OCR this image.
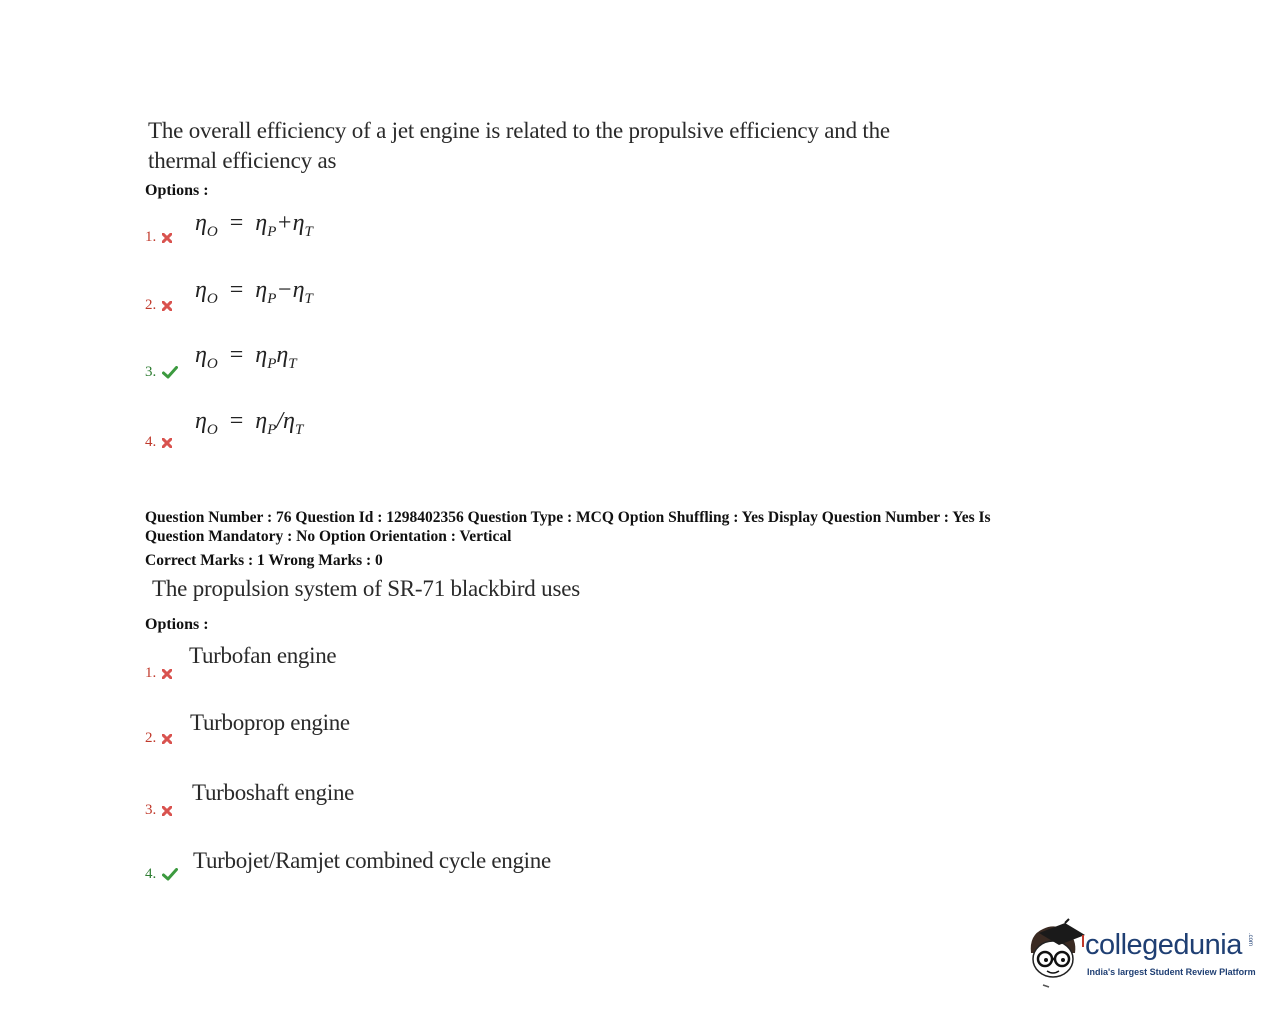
The overall efficiency of a jet engine is related to the propulsive efficiency and the
thermal efficiency as
Options :
1.
$\eta_O = \eta_P+\eta_T$
2.
$\eta_O = \eta_P-\eta_T$
3.
$\eta_O = \eta_P\eta_T$
4.
$\eta_O = \eta_P/\eta_T$
Question Number : 76 Question Id : 1298402356 Question Type : MCQ Option Shuffling : Yes Display Question Number : Yes Is
Question Mandatory : No Option Orientation : Vertical
Correct Marks : 1 Wrong Marks : 0
The propulsion system of SR-71 blackbird uses
Options :
1.
Turbofan engine
2.
Turboprop engine
3.
Turboshaft engine
4.
Turbojet/Ramjet combined cycle engine
collegedunia .com
India's largest Student Review Platform
